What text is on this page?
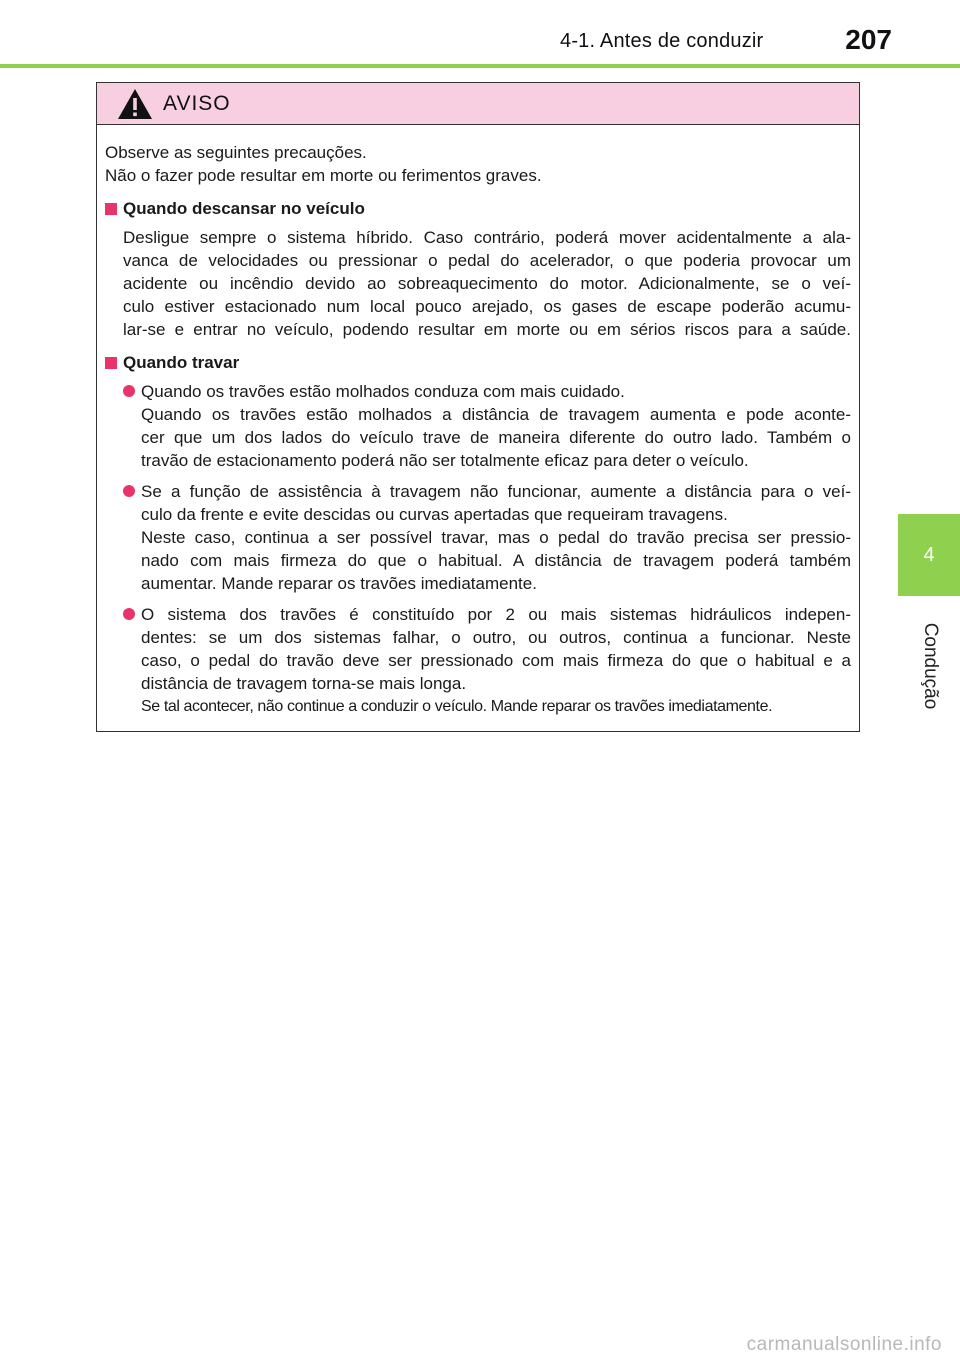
4-1. Antes de conduzir	207
4
Condução
AVISO

Observe as seguintes precauções.

Não o fazer pode resultar em morte ou ferimentos graves.

Quando descansar no veículo
Desligue sempre o sistema híbrido. Caso contrário, poderá mover acidentalmente a ala-
vanca de velocidades ou pressionar o pedal do acelerador, o que poderia provocar um
acidente ou incêndio devido ao sobreaquecimento do motor. Adicionalmente, se o veí-
culo estiver estacionado num local pouco arejado, os gases de escape poderão acumu-
lar-se e entrar no veículo, podendo resultar em morte ou em sérios riscos para a saúde.
Quando travar
Quando os travões estão molhados conduza com mais cuidado.
Quando os travões estão molhados a distância de travagem aumenta e pode aconte-
cer que um dos lados do veículo trave de maneira diferente do outro lado. Também o
travão de estacionamento poderá não ser totalmente eficaz para deter o veículo.
Se a função de assistência à travagem não funcionar, aumente a distância para o veí-
culo da frente e evite descidas ou curvas apertadas que requeiram travagens.
Neste caso, continua a ser possível travar, mas o pedal do travão precisa ser pressio-
nado com mais firmeza do que o habitual. A distância de travagem poderá também
aumentar. Mande reparar os travões imediatamente.
O sistema dos travões é constituído por 2 ou mais sistemas hidráulicos indepen-
dentes: se um dos sistemas falhar, o outro, ou outros, continua a funcionar. Neste
caso, o pedal do travão deve ser pressionado com mais firmeza do que o habitual e a
distância de travagem torna-se mais longa.
Se tal acontecer, não continue a conduzir o veículo. Mande reparar os travões imediatamente.
carmanualsonline.info
